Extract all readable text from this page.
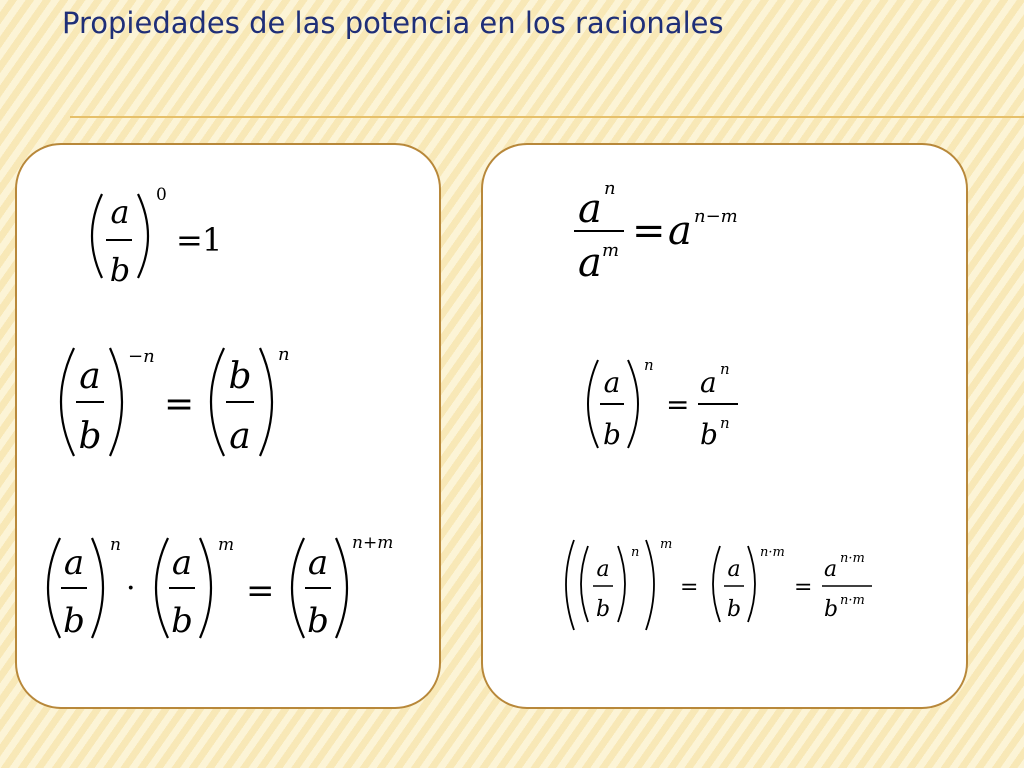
Propiedades de las potencia en los racionales
a
b
0
= 1
a
b
−n
=
b
a
n
a
b
n
·
a
b
m
=
a
b
n+m
a n
a m = a n−m
a
b
n
=
a n
b n
a
b
n
m
=
a
b
n·m
=
a n·m
b n·m
